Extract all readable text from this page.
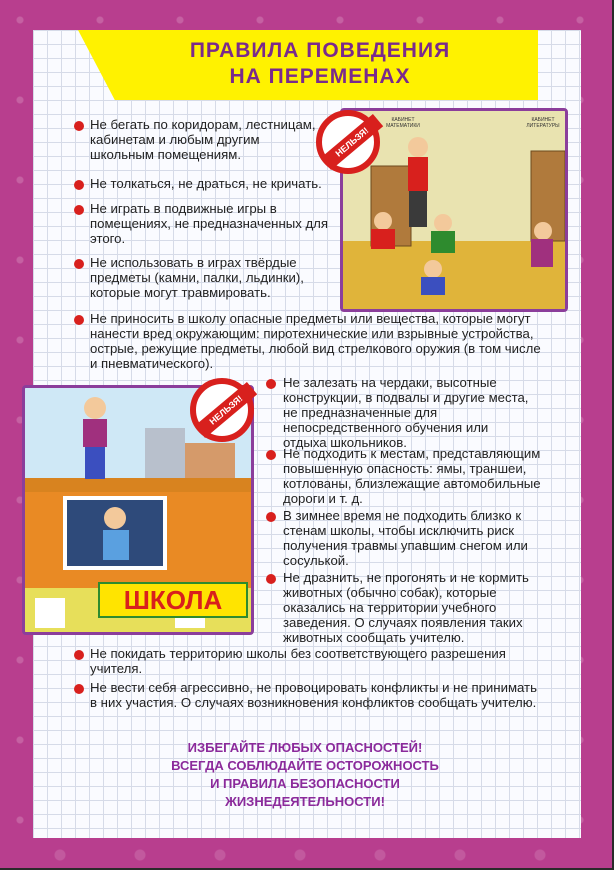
ПРАВИЛА ПОВЕДЕНИЯ
НА ПЕРЕМЕНАХ
КАБИНЕТ МАТЕМАТИКИ
КАБИНЕТ ЛИТЕРАТУРЫ
НЕЛЬЗЯ!
НЕЛЬЗЯ!
ШКОЛА
Не бегать по коридорам, лестницам, кабинетам и любым другим школьным помещениям.
Не толкаться, не драться, не кричать.
Не играть в подвижные игры в помещениях, не предназначенных для этого.
Не использовать в играх твёрдые предметы (камни, палки, льдинки), которые могут травмировать.
Не приносить в школу опасные предметы или вещества, которые могут нанести вред окружающим: пиротехнические или взрывные устройства, острые, режущие предметы, любой вид стрелкового оружия (в том числе и пневматического).
Не залезать на чердаки, высотные конструкции, в подвалы и другие места, не предназначенные для непосредственного обучения или отдыха школьников.
Не подходить к местам, представляющим повышенную опасность: ямы, траншеи, котлованы, близлежащие автомобильные дороги и т. д.
В зимнее время не подходить близко к стенам школы, чтобы исключить риск получения травмы упавшим снегом или сосулькой.
Не дразнить, не прогонять и не кормить животных (обычно собак), которые оказались на территории учебного заведения. О случаях появления таких животных сообщать учителю.
Не покидать территорию школы без соответствующего разрешения учителя.
Не вести себя агрессивно, не провоцировать конфликты и не принимать в них участия. О случаях возникновения конфликтов сообщать учителю.
ИЗБЕГАЙТЕ ЛЮБЫХ ОПАСНОСТЕЙ!
ВСЕГДА СОБЛЮДАЙТЕ ОСТОРОЖНОСТЬ
И ПРАВИЛА БЕЗОПАСНОСТИ ЖИЗНЕДЕЯТЕЛЬНОСТИ!
